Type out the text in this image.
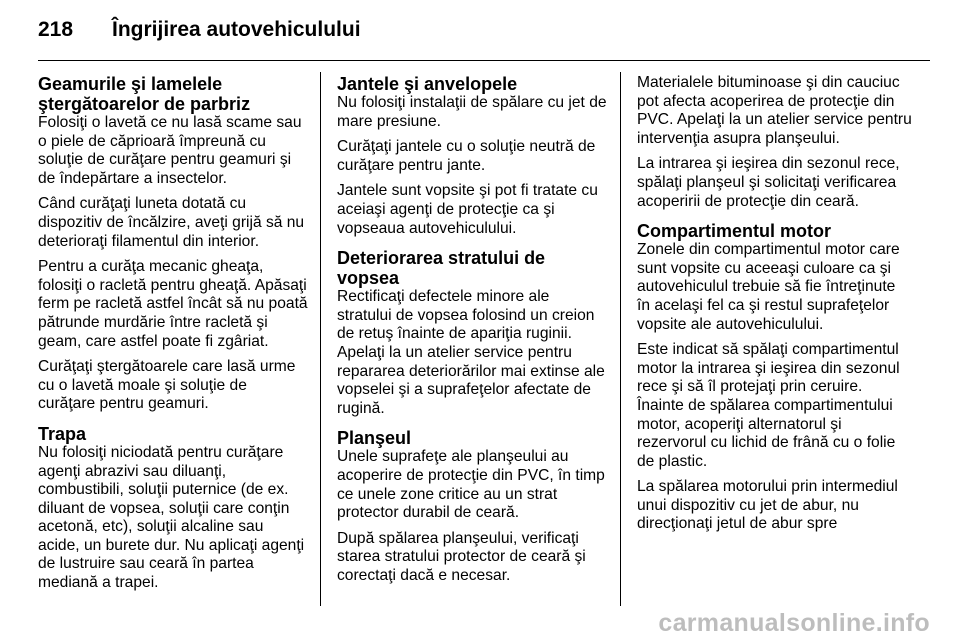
218	Îngrijirea autovehiculului
Geamurile şi lamelele ştergătoarelor de parbriz

Folosiţi o lavetă ce nu lasă scame sau o piele de căprioară împreună cu soluţie de curăţare pentru geamuri şi de îndepărtare a insectelor.

Când curăţaţi luneta dotată cu dispozitiv de încălzire, aveţi grijă să nu deterioraţi filamentul din interior.

Pentru a curăţa mecanic gheaţa, folosiţi o racletă pentru gheaţă. Apăsaţi ferm pe racletă astfel încât să nu poată pătrunde murdărie între racletă şi geam, care astfel poate fi zgâriat.

Curăţaţi ştergătoarele care lasă urme cu o lavetă moale şi soluţie de curăţare pentru geamuri.

Trapa

Nu folosiţi niciodată pentru curăţare agenţi abrazivi sau diluanţi, combustibili, soluţii puternice (de ex. diluant de vopsea, soluţii care conţin acetonă, etc), soluţii alcaline sau acide, un burete dur. Nu aplicaţi agenţi de lustruire sau ceară în partea mediană a trapei.

Jantele şi anvelopele

Nu folosiţi instalaţii de spălare cu jet de mare presiune.

Curăţaţi jantele cu o soluţie neutră de curăţare pentru jante.

Jantele sunt vopsite şi pot fi tratate cu aceiaşi agenţi de protecţie ca şi vopseaua autovehiculului.

Deteriorarea stratului de vopsea

Rectificaţi defectele minore ale stratului de vopsea folosind un creion de retuş înainte de apariţia ruginii. Apelaţi la un atelier service pentru repararea deteriorărilor mai extinse ale vopselei şi a suprafeţelor afectate de rugină.

Planşeul

Unele suprafeţe ale planşeului au acoperire de protecţie din PVC, în timp ce unele zone critice au un strat protector durabil de ceară.

După spălarea planşeului, verificaţi starea stratului protector de ceară şi corectaţi dacă e necesar.

Materialele bituminoase şi din cauciuc pot afecta acoperirea de protecţie din PVC. Apelaţi la un atelier service pentru intervenţia asupra planşeului.

La intrarea şi ieşirea din sezonul rece, spălaţi planşeul şi solicitaţi verificarea acoperirii de protecţie din ceară.

Compartimentul motor

Zonele din compartimentul motor care sunt vopsite cu aceeaşi culoare ca şi autovehiculul trebuie să fie întreţinute în acelaşi fel ca şi restul suprafeţelor vopsite ale autovehiculului.

Este indicat să spălaţi compartimentul motor la intrarea şi ieşirea din sezonul rece şi să îl protejaţi prin ceruire. Înainte de spălarea compartimentului motor, acoperiţi alternatorul şi rezervorul cu lichid de frână cu o folie de plastic.

La spălarea motorului prin intermediul unui dispozitiv cu jet de abur, nu direcţionaţi jetul de abur spre

carmanualsonline.info
